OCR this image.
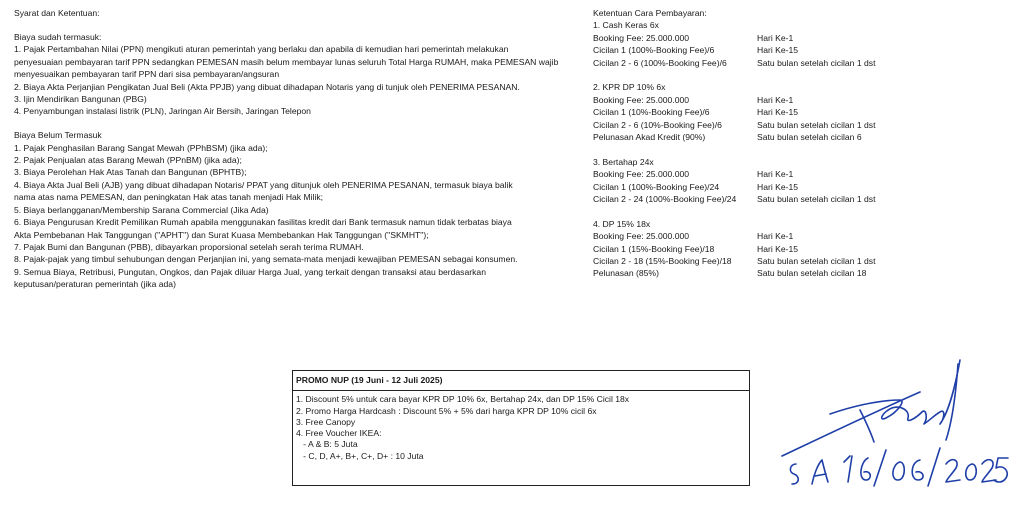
Syarat dan Ketentuan:
Biaya sudah termasuk:
1. Pajak Pertambahan Nilai (PPN) mengikuti aturan pemerintah yang berlaku dan apabila di kemudian hari pemerintah melakukan
penyesuaian pembayaran tarif PPN sedangkan PEMESAN masih belum membayar lunas seluruh Total Harga RUMAH, maka PEMESAN wajib
menyesuaikan pembayaran tarif PPN dari sisa pembayaran/angsuran
2. Biaya Akta Perjanjian Pengikatan Jual Beli (Akta PPJB) yang dibuat dihadapan Notaris yang di tunjuk oleh PENERIMA PESANAN.
3. Ijin Mendirikan Bangunan (PBG)
4. Penyambungan instalasi listrik (PLN), Jaringan Air Bersih, Jaringan Telepon
Biaya Belum Termasuk
1. Pajak Penghasilan Barang Sangat Mewah (PPhBSM) (jika ada);
2. Pajak Penjualan atas Barang Mewah (PPnBM) (jika ada);
3. Biaya Perolehan Hak Atas Tanah dan Bangunan (BPHTB);
4. Biaya Akta Jual Beli (AJB) yang dibuat dihadapan Notaris/ PPAT yang ditunjuk oleh PENERIMA PESANAN, termasuk biaya balik
nama atas nama PEMESAN, dan peningkatan Hak atas tanah menjadi Hak Milik;
5. Biaya berlangganan/Membership Sarana Commercial (Jika Ada)
6. Biaya Pengurusan Kredit Pemilikan Rumah apabila menggunakan fasilitas kredit dari Bank termasuk namun tidak terbatas biaya
Akta Pembebanan Hak Tanggungan ("APHT") dan Surat Kuasa Membebankan Hak Tanggungan ("SKMHT");
7. Pajak Bumi dan Bangunan (PBB), dibayarkan proporsional setelah serah terima RUMAH.
8. Pajak-pajak yang timbul sehubungan dengan Perjanjian ini, yang semata-mata menjadi kewajiban PEMESAN sebagai konsumen.
9. Semua Biaya, Retribusi, Pungutan, Ongkos, dan Pajak diluar Harga Jual, yang terkait dengan transaksi atau berdasarkan
keputusan/peraturan pemerintah (jika ada)
Ketentuan Cara Pembayaran:
1. Cash Keras 6x
Booking Fee: 25.000.000	Hari Ke-1
Cicilan 1 (100%-Booking Fee)/6	Hari Ke-15
Cicilan 2 - 6 (100%-Booking Fee)/6	Satu bulan setelah cicilan 1 dst
2. KPR DP 10% 6x
Booking Fee: 25.000.000	Hari Ke-1
Cicilan 1 (10%-Booking Fee)/6	Hari Ke-15
Cicilan 2 - 6 (10%-Booking Fee)/6	Satu bulan setelah cicilan 1 dst
Pelunasan Akad Kredit (90%)	Satu bulan setelah cicilan 6
3. Bertahap 24x
Booking Fee: 25.000.000	Hari Ke-1
Cicilan 1 (100%-Booking Fee)/24	Hari Ke-15
Cicilan 2 - 24 (100%-Booking Fee)/24	Satu bulan setelah cicilan 1 dst
4. DP 15% 18x
Booking Fee: 25.000.000	Hari Ke-1
Cicilan 1 (15%-Booking Fee)/18	Hari Ke-15
Cicilan 2 - 18 (15%-Booking Fee)/18	Satu bulan setelah cicilan 1 dst
Pelunasan (85%)	Satu bulan setelah cicilan 18
PROMO NUP (19 Juni - 12 Juli 2025)
1. Discount 5% untuk cara bayar KPR DP 10% 6x, Bertahap 24x, dan DP 15% Cicil 18x
2. Promo Harga Hardcash : Discount 5% + 5% dari harga KPR DP 10% cicil 6x
3. Free Canopy
4. Free Voucher IKEA:
- A & B: 5 Juta
- C, D, A+, B+, C+, D+ : 10 Juta
